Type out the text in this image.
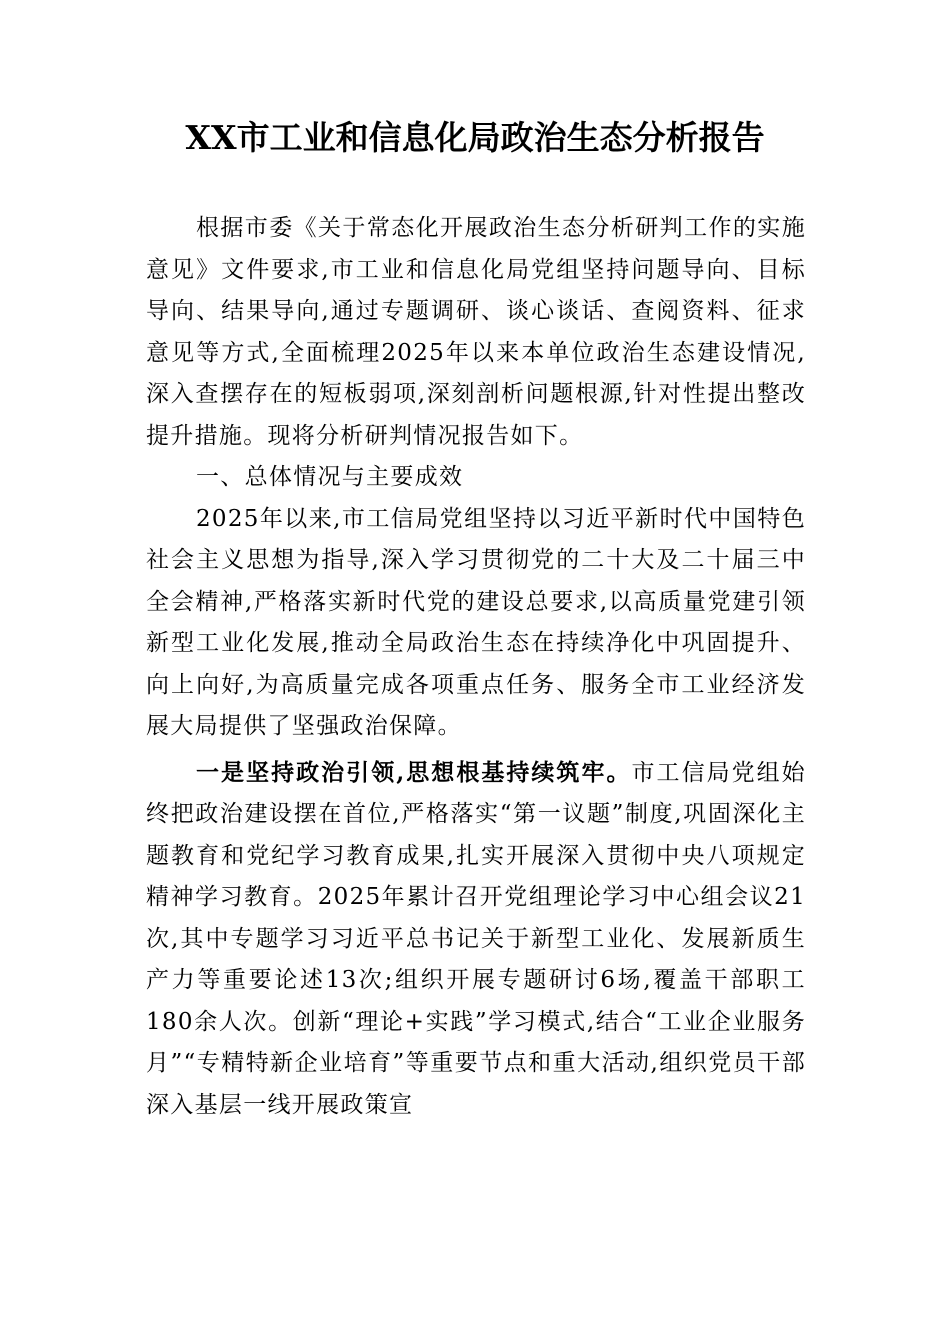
XX市工业和信息化局政治生态分析报告

根据市委《关于常态化开展政治生态分析研判工作的实施意见》文件要求,市工业和信息化局党组坚持问题导向、目标导向、结果导向,通过专题调研、谈心谈话、查阅资料、征求意见等方式,全面梳理2025年以来本单位政治生态建设情况,深入查摆存在的短板弱项,深刻剖析问题根源,针对性提出整改提升措施。现将分析研判情况报告如下。

一、总体情况与主要成效

2025年以来,市工信局党组坚持以习近平新时代中国特色社会主义思想为指导,深入学习贯彻党的二十大及二十届三中全会精神,严格落实新时代党的建设总要求,以高质量党建引领新型工业化发展,推动全局政治生态在持续净化中巩固提升、向上向好,为高质量完成各项重点任务、服务全市工业经济发展大局提供了坚强政治保障。

一是坚持政治引领,思想根基持续筑牢。市工信局党组始终把政治建设摆在首位,严格落实“第一议题”制度,巩固深化主题教育和党纪学习教育成果,扎实开展深入贯彻中央八项规定精神学习教育。2025年累计召开党组理论学习中心组会议21次,其中专题学习习近平总书记关于新型工业化、发展新质生产力等重要论述13次;组织开展专题研讨6场,覆盖干部职工180余人次。创新“理论+实践”学习模式,结合“工业企业服务月”“专精特新企业培育”等重要节点和重大活动,组织党员干部深入基层一线开展政策宣
